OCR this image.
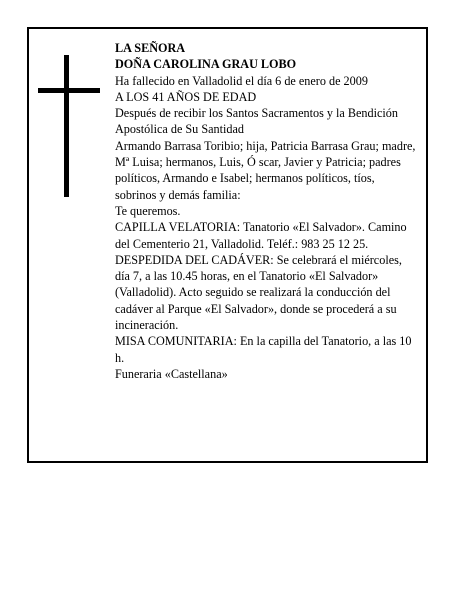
LA SEÑORA
DOÑA CAROLINA GRAU LOBO
Ha fallecido en Valladolid el día 6 de enero de 2009
A LOS 41 AÑOS DE EDAD
Después de recibir los Santos Sacramentos y la Bendición Apostólica de Su Santidad
Armando Barrasa Toribio; hija, Patricia Barrasa Grau; madre, Mª Luisa; hermanos, Luis, Ó scar, Javier y Patricia; padres políticos, Armando e Isabel; hermanos políticos, tíos, sobrinos y demás familia:
Te queremos.
CAPILLA VELATORIA: Tanatorio «El Salvador». Camino del Cementerio 21, Valladolid. Teléf.: 983 25 12 25.
DESPEDIDA DEL CADÁVER: Se celebrará el miércoles, día 7, a las 10.45 horas, en el Tanatorio «El Salvador» (Valladolid). Acto seguido se realizará la conducción del cadáver al Parque «El Salvador», donde se procederá a su incineración.
MISA COMUNITARIA: En la capilla del Tanatorio, a las 10 h.
Funeraria «Castellana»
